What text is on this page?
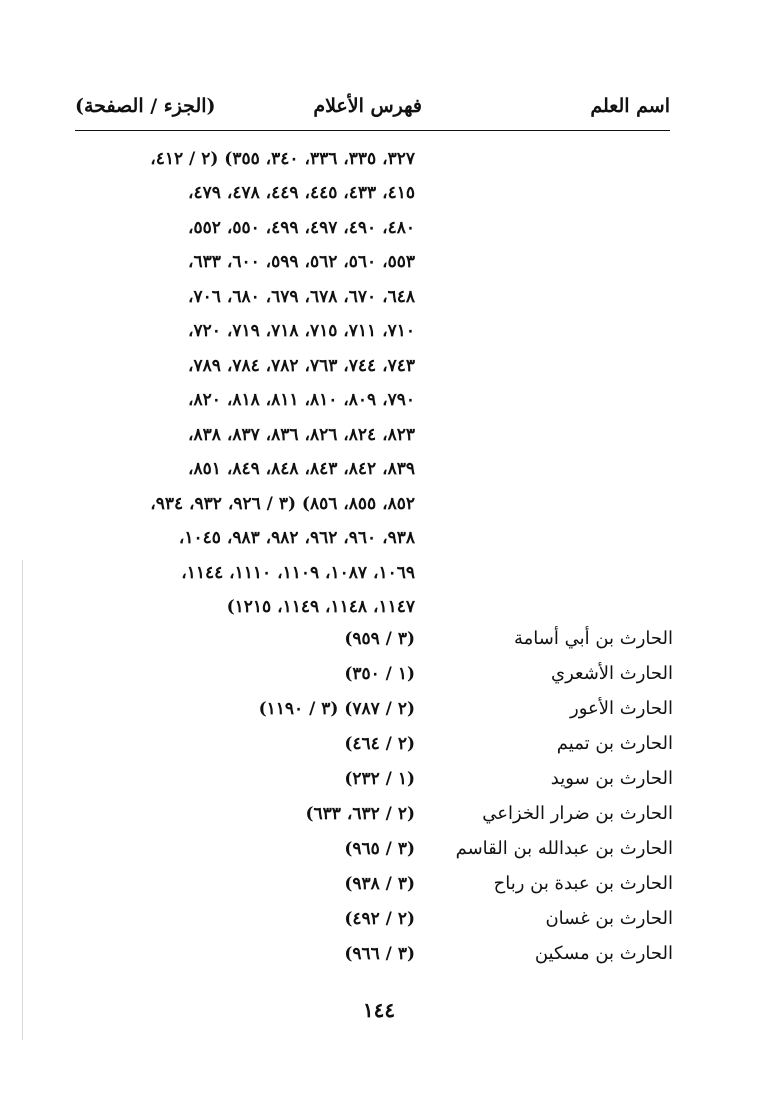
اسم العلم
فهرس الأعلام
(الجزء / الصفحة)
٣٢٧، ٣٣٥، ٣٣٦، ٣٤٠، ٣٥٥) (٢ / ٤١٢،
٤١٥، ٤٣٣، ٤٤٥، ٤٤٩، ٤٧٨، ٤٧٩،
٤٨٠، ٤٩٠، ٤٩٧، ٤٩٩، ٥٥٠، ٥٥٢،
٥٥٣، ٥٦٠، ٥٦٢، ٥٩٩، ٦٠٠، ٦٣٣،
٦٤٨، ٦٧٠، ٦٧٨، ٦٧٩، ٦٨٠، ٧٠٦،
٧١٠، ٧١١، ٧١٥، ٧١٨، ٧١٩، ٧٢٠،
٧٤٣، ٧٤٤، ٧٦٣، ٧٨٢، ٧٨٤، ٧٨٩،
٧٩٠، ٨٠٩، ٨١٠، ٨١١، ٨١٨، ٨٢٠،
٨٢٣، ٨٢٤، ٨٢٦، ٨٣٦، ٨٣٧، ٨٣٨،
٨٣٩، ٨٤٢، ٨٤٣، ٨٤٨، ٨٤٩، ٨٥١،
٨٥٢، ٨٥٥، ٨٥٦) (٣ / ٩٢٦، ٩٣٢، ٩٣٤،
٩٣٨، ٩٦٠، ٩٦٢، ٩٨٢، ٩٨٣، ١٠٤٥،
١٠٦٩، ١٠٨٧، ١١٠٩، ١١١٠، ١١٤٤،
١١٤٧، ١١٤٨، ١١٤٩، ١٢١٥)
الحارث بن أبي أسامة
(٣ / ٩٥٩)
الحارث الأشعري
(١ / ٣٥٠)
الحارث الأعور
(٢ / ٧٨٧) (٣ / ١١٩٠)
الحارث بن تميم
(٢ / ٤٦٤)
الحارث بن سويد
(١ / ٢٣٢)
الحارث بن ضرار الخزاعي
(٢ / ٦٣٢، ٦٣٣)
الحارث بن عبدالله بن القاسم
(٣ / ٩٦٥)
الحارث بن عبدة بن رباح
(٣ / ٩٣٨)
الحارث بن غسان
(٢ / ٤٩٢)
الحارث بن مسكين
(٣ / ٩٦٦)
١٤٤
